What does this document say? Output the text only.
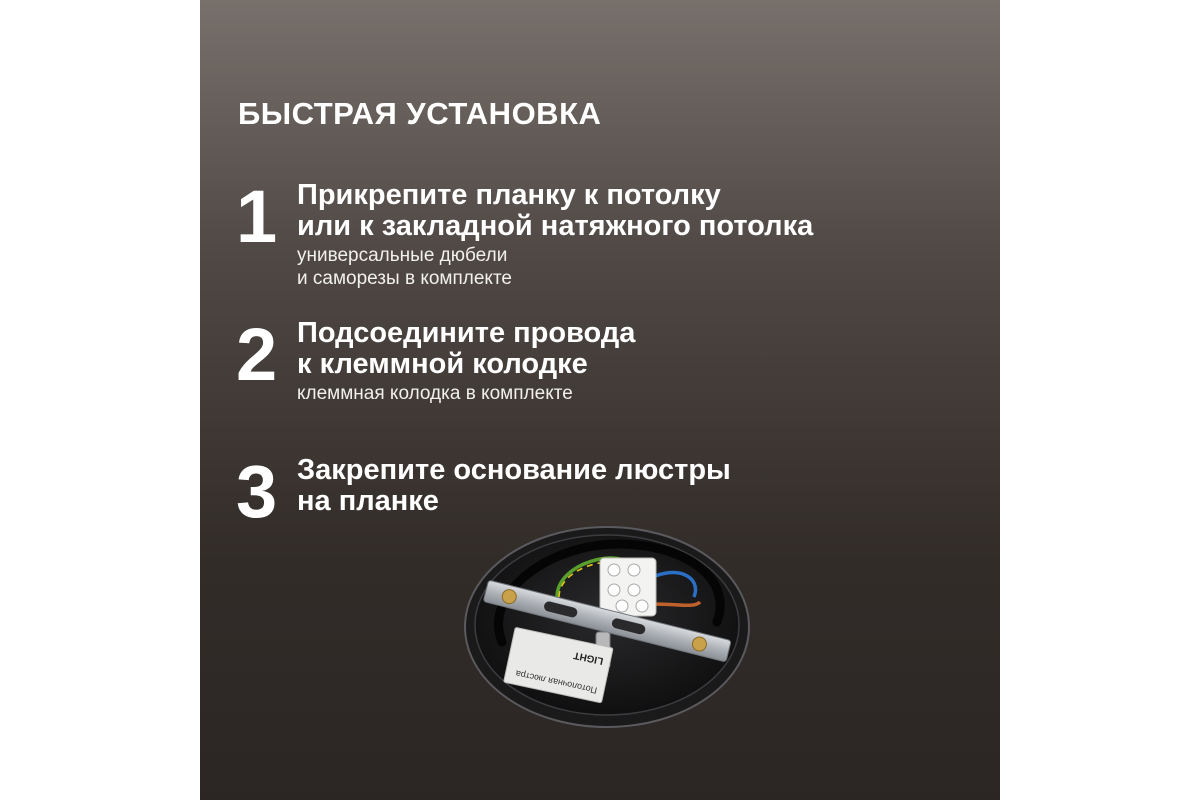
БЫСТРАЯ УСТАНОВКА
1 Прикрепите планку к потолку
или к закладной натяжного потолка

универсальные дюбели
и саморезы в комплекте

2 Подсоедините провода
к клеммной колодке

клеммная колодка в комплекте

3 Закрепите основание люстры
на планке

Потолочная люстра
LIGHT
